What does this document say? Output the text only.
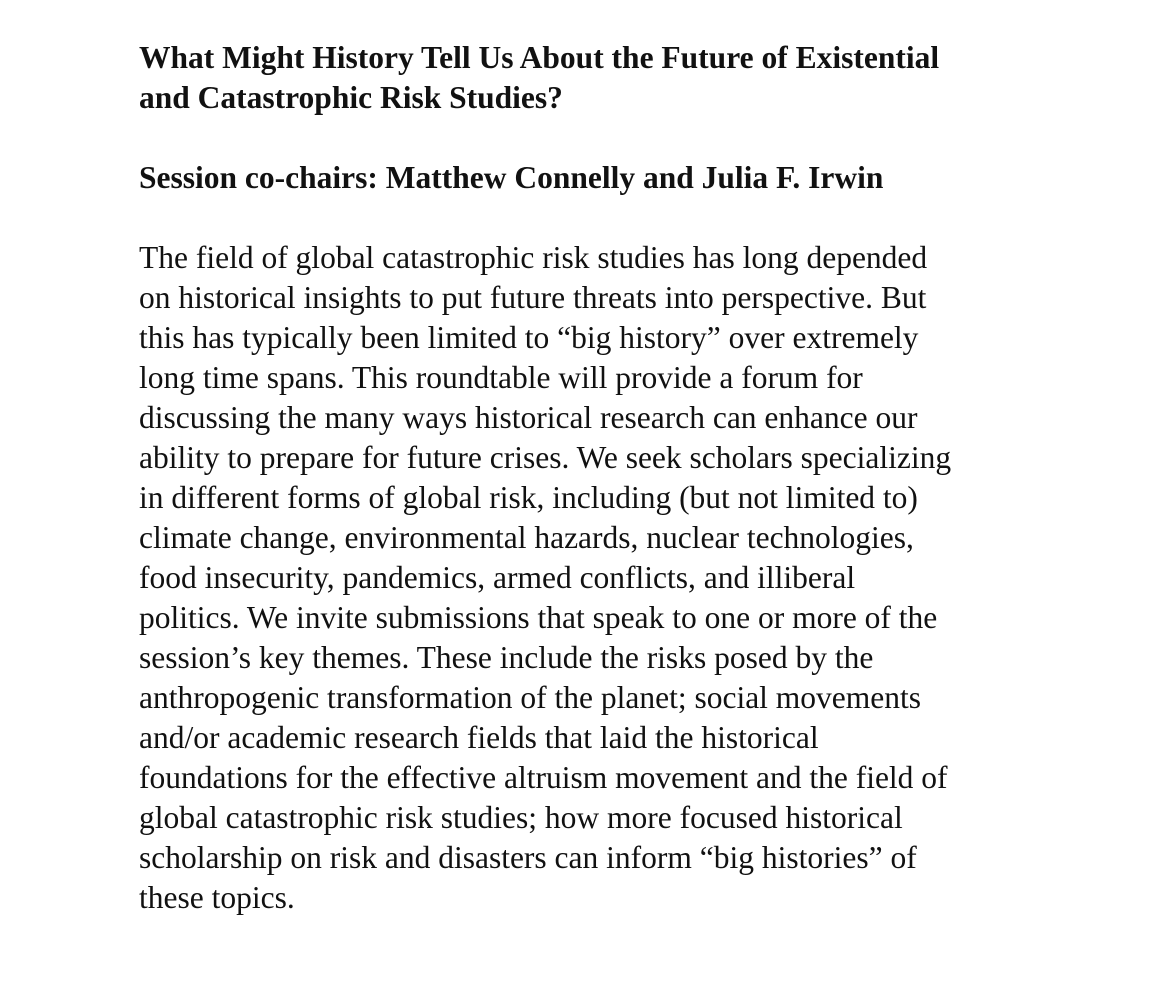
What Might History Tell Us About the Future of Existential
and Catastrophic Risk Studies?

Session co-chairs: Matthew Connelly and Julia F. Irwin

The field of global catastrophic risk studies has long depended
on historical insights to put future threats into perspective. But
this has typically been limited to “big history” over extremely
long time spans. This roundtable will provide a forum for
discussing the many ways historical research can enhance our
ability to prepare for future crises. We seek scholars specializing
in different forms of global risk, including (but not limited to)
climate change, environmental hazards, nuclear technologies,
food insecurity, pandemics, armed conflicts, and illiberal
politics. We invite submissions that speak to one or more of the
session’s key themes. These include the risks posed by the
anthropogenic transformation of the planet; social movements
and/or academic research fields that laid the historical
foundations for the effective altruism movement and the field of
global catastrophic risk studies; how more focused historical
scholarship on risk and disasters can inform “big histories” of
these topics.
